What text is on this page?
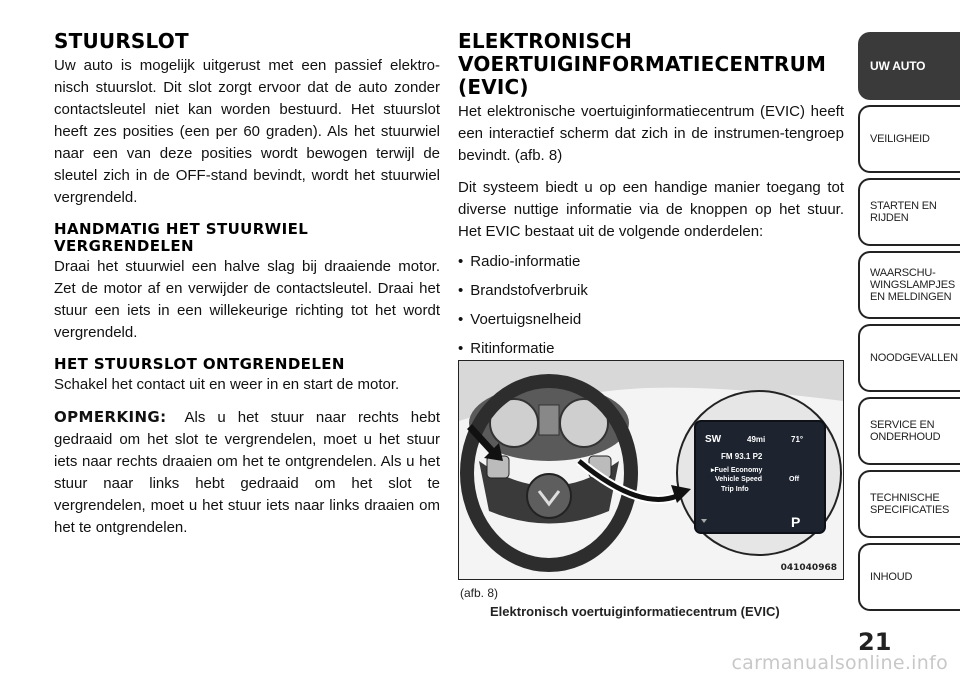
STUURSLOT

Uw auto is mogelijk uitgerust met een passief elektro-nisch stuurslot. Dit slot zorgt ervoor dat de auto zonder contactsleutel niet kan worden bestuurd. Het stuurslot heeft zes posities (een per 60 graden). Als het stuurwiel naar een van deze posities wordt bewogen terwijl de sleutel zich in de OFF-stand bevindt, wordt het stuurwiel vergrendeld.

HANDMATIG HET STUURWIEL VERGRENDELEN

Draai het stuurwiel een halve slag bij draaiende motor. Zet de motor af en verwijder de contactsleutel. Draai het stuur een iets in een willekeurige richting tot het wordt vergrendeld.

HET STUURSLOT ONTGRENDELEN

Schakel het contact uit en weer in en start de motor.

OPMERKING: Als u het stuur naar rechts hebt gedraaid om het slot te vergrendelen, moet u het stuur iets naar rechts draaien om het te ontgrendelen. Als u het stuur naar links hebt gedraaid om het slot te vergrendelen, moet u het stuur iets naar links draaien om het te ontgrendelen.

ELEKTRONISCH VOERTUIGINFORMATIECENTRUM (EVIC)

Het elektronische voertuiginformatiecentrum (EVIC) heeft een interactief scherm dat zich in de instrumen-tengroep bevindt. (afb. 8)

Dit systeem biedt u op een handige manier toegang tot diverse nuttige informatie via de knoppen op het stuur. Het EVIC bestaat uit de volgende onderdelen:

• Radio-informatie
• Brandstofverbruik
• Voertuigsnelheid
• Ritinformatie
SW	49mi	71°
FM 93.1 P2
▸Fuel Economy
Vehicle Speed	Off
Trip Info
P
041040968
(afb. 8)
Elektronisch voertuiginformatiecentrum (EVIC)
UW AUTO
VEILIGHEID
STARTEN EN
RIJDEN
WAARSCHU-
WINGSLAMPJES
EN MELDINGEN
NOODGEVALLEN
SERVICE EN
ONDERHOUD
TECHNISCHE
SPECIFICATIES
INHOUD
21
carmanualsonline.info
